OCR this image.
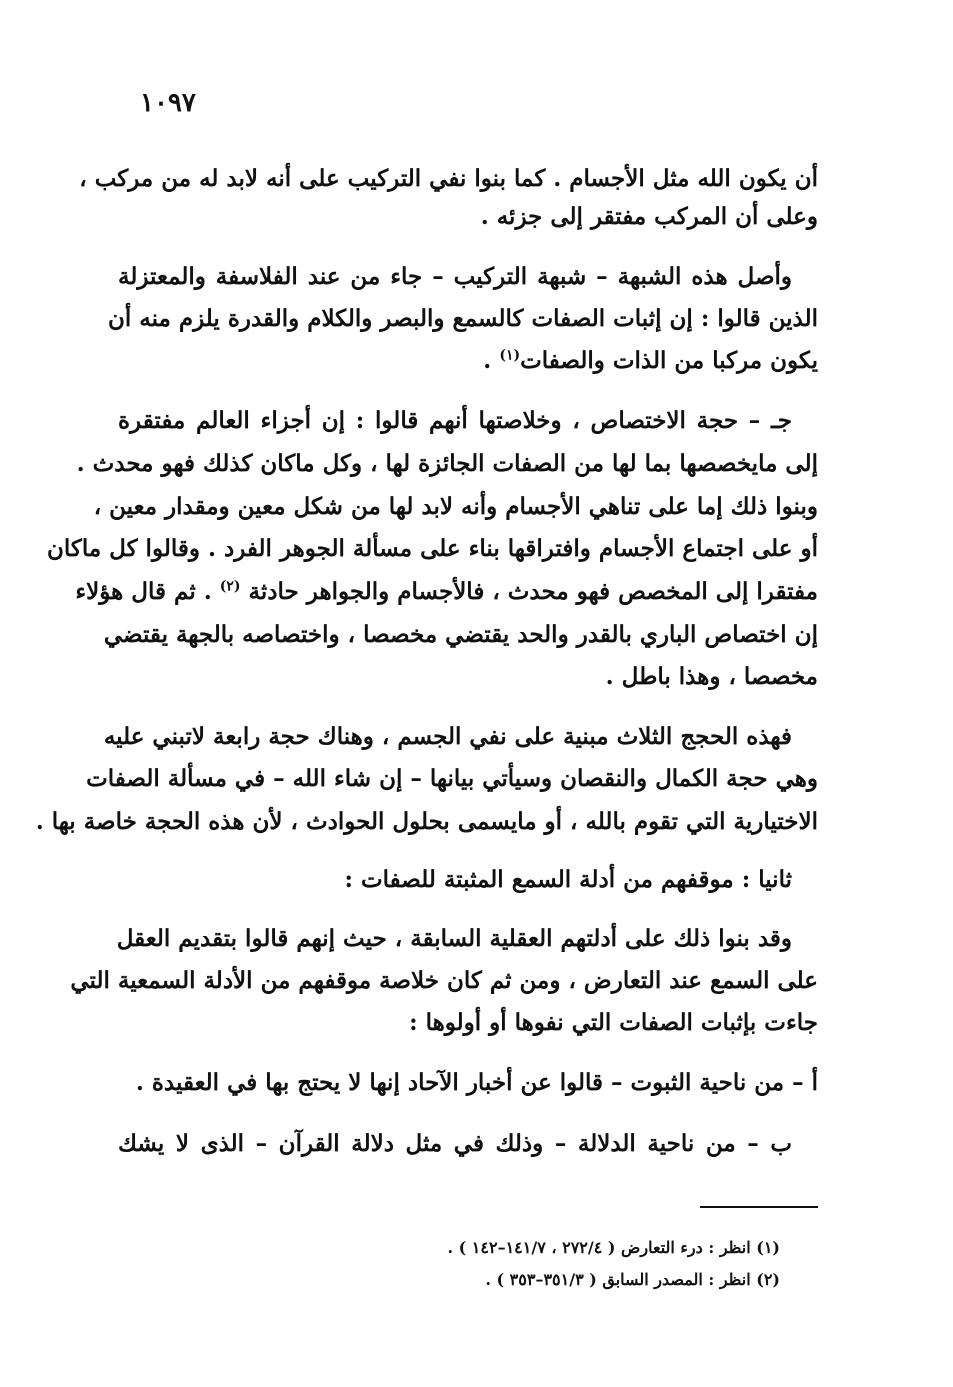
١٠٩٧
أن يكون الله مثل الأجسام . كما بنوا نفي التركيب على أنه لابد له من مركب ،
وعلى أن المركب مفتقر إلى جزئه .
وأصل هذه الشبهة – شبهة التركيب – جاء من عند الفلاسفة والمعتزلة
الذين قالوا : إن إثبات الصفات كالسمع والبصر والكلام والقدرة يلزم منه أن
يكون مركبا من الذات والصفات$^{(١)}$ .
جـ – حجة الاختصاص ، وخلاصتها أنهم قالوا : إن أجزاء العالم مفتقرة
إلى مايخصصها بما لها من الصفات الجائزة لها ، وكل ماكان كذلك فهو محدث .
وبنوا ذلك إما على تناهي الأجسام وأنه لابد لها من شكل معين ومقدار معين ،
أو على اجتماع الأجسام وافتراقها بناء على مسألة الجوهر الفرد . وقالوا كل ماكان
مفتقرا إلى المخصص فهو محدث ، فالأجسام والجواهر حادثة $^{(٢)}$ . ثم قال هؤلاء
إن اختصاص الباري بالقدر والحد يقتضي مخصصا ، واختصاصه بالجهة يقتضي
مخصصا ، وهذا باطل .
فهذه الحجج الثلاث مبنية على نفي الجسم ، وهناك حجة رابعة لاتبني عليه
وهي حجة الكمال والنقصان وسيأتي بيانها – إن شاء الله – في مسألة الصفات
الاختيارية التي تقوم بالله ، أو مايسمى بحلول الحوادث ، لأن هذه الحجة خاصة بها .
ثانيا : موقفهم من أدلة السمع المثبتة للصفات :
وقد بنوا ذلك على أدلتهم العقلية السابقة ، حيث إنهم قالوا بتقديم العقل
على السمع عند التعارض ، ومن ثم كان خلاصة موقفهم من الأدلة السمعية التي
جاءت بإثبات الصفات التي نفوها أو أولوها :
أ – من ناحية الثبوت – قالوا عن أخبار الآحاد إنها لا يحتج بها في العقيدة .
ب – من ناحية الدلالة – وذلك في مثل دلالة القرآن – الذى لا يشك
(١) انظر : درء التعارض ( ٢٧٢/٤ ، ١٤١/٧–١٤٢ ) .
(٢) انظر : المصدر السابق ( ٣٥١/٣–٣٥٣ ) .
